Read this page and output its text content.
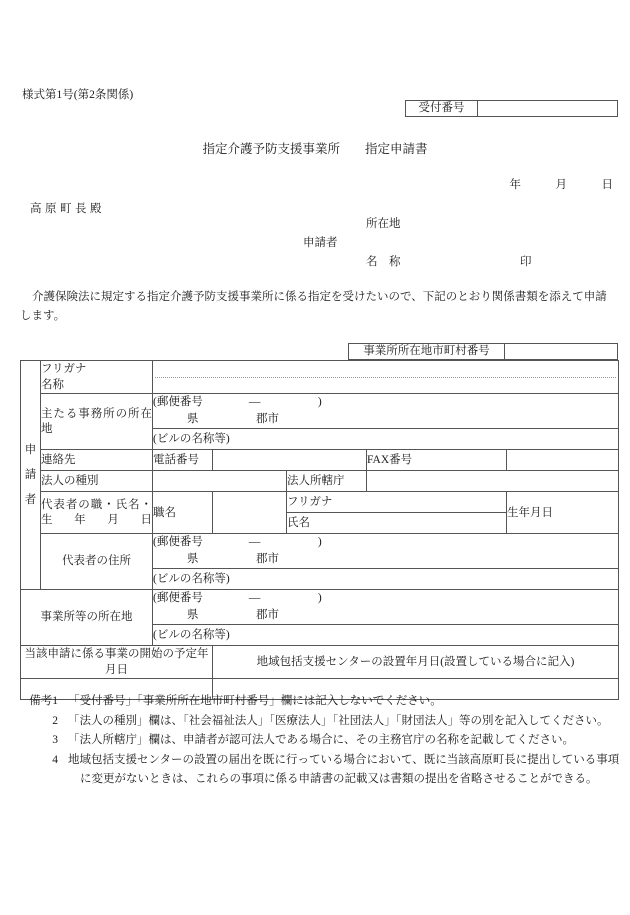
様式第1号(第2条関係)
受付番号
指定介護予防支援事業所　　指定申請書
年　　　月　　　日
高原町長殿
所在地
申請者
名　称	印
介護保険法に規定する指定介護予防支援事業所に係る指定を受けたいので、下記のとおり関係書類を添えて申請します。
事業所所在地市町村番号
申
請
者

フリガナ
名称

	主たる事務所の所在地	(郵便番号　　　　―　　　　　)
県　　　　　郡市				

		(ビルの名称等)				
	連絡先	電話番号			FAX番号	
	法人の種別			法人所轄庁		
	代表者の職・氏名・生年月日	職名		フリガナ		生年月日
				氏名		
	代表者の住所	(郵便番号　　　　―　　　　　)
県　　　　　郡市				

		(ビルの名称等)				
事業所等の所在地		(郵便番号　　　　―　　　　　)
県　　　　　郡市				

		(ビルの名称等)				
当該申請に係る事業の開始の予定年月日			地域包括支援センターの設置年月日(設置している場合に記入)			

備考1 「受付番号」「事業所所在地市町村番号」欄には記入しないでください。
2 「法人の種別」欄は、「社会福祉法人」「医療法人」「社団法人」「財団法人」等の別を記入してください。
3 「法人所轄庁」欄は、申請者が認可法人である場合に、その主務官庁の名称を記載してください。
4 地域包括支援センターの設置の届出を既に行っている場合において、既に当該高原町長に提出している事項
に変更がないときは、これらの事項に係る申請書の記載又は書類の提出を省略させることができる。
